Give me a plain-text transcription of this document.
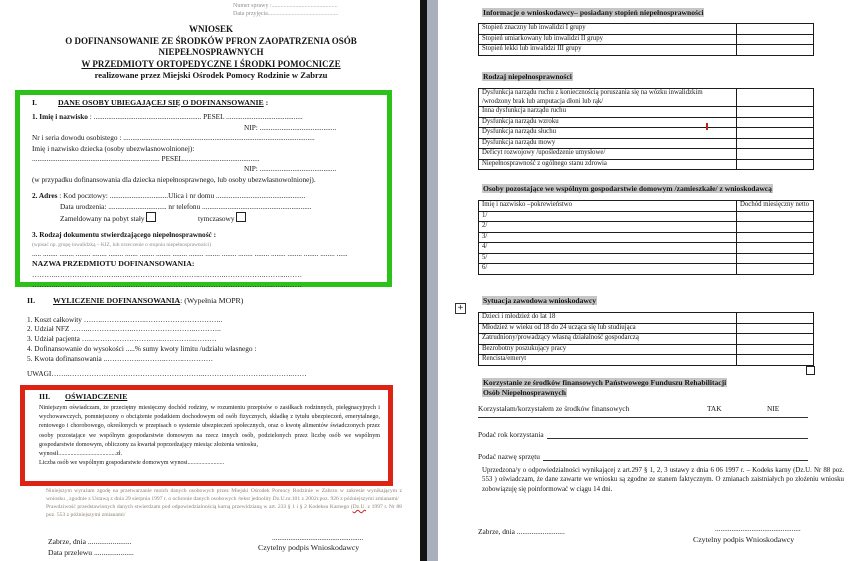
Numer sprawy :............................................
Data przyjęcia...............................................
WNIOSEK
O DOFINANSOWANIE ZE ŚRODKÓW PFRON ZAOPATRZENIA OSÓB
NIEPEŁNOSPRAWNYCH
W PRZEDMIOTY ORTOPEDYCZNE I ŚRODKI POMOCNICZE
realizowane przez Miejski Ośrodek Pomocy Rodzinie w Zabrzu
I.	DANE OSOBY UBIEGAJĄCEJ SIĘ O DOFINANSOWANIE :
1. Imię i nazwisko : ........................................................... PESEL ..........................................
NIP: ..........................................
Nr i seria dowodu osobistego : .........................................................................................................
Imię i nazwisko dziecka (osoby ubezwłasnowolnionej):
...................................................................... PESEL..........................................
NIP: ..........................................
(w przypadku dofinansowania dla dziecka niepełnosprawnego, lub osoby ubezwłasnowolnionej).
2. Adres : Kod pocztowy: ................................Ulica i nr domu .................................................
Data urodzenia: ................................ nr telefonu ............................................................
Zameldowany na pobyt stały	tymczasowy
3. Rodzaj dokumentu stwierdzającego niepełnosprawność :
(wpisać np. grupę inwalidzką – KIZ, lub orzeczenie o stopniu niepełnosprawności)
..... ........ ........ ........ ........ ........ ....... ........ ........ ........ ........ ........ ........ ........ ........ ........ ........ ........ ........ ......
NAZWA PRZEDMIOTU DOFINANSOWANIA:
………..……………………..…..………………………..………..……………..……....……
………..……………………..…..……………..…………..………………………..…....……
II. WYLICZENIE DOFINANSOWANIA: (Wypełnia MOPR)
1. Koszt całkowity ……..………..……..…………………………..
2. Udział NFZ ……..………..……..……………………..………..
3. Udział pacjenta …..………………………..…………..………
4. Dofinansowanie do wysokości .....% sumy kwoty limitu /udziału własnego :
5. Kwota dofinansowania ..…………..………..……..…………
UWAGI……..………………………………………………..……………………..………..……
III. OŚWIADCZENIE
Niniejszym oświadczam, że przeciętny miesięczny dochód rodziny, w rozumieniu przepisów o zasiłkach rodzinnych, pielęgnacyjnych i wychowawczych, pomniejszony o obciążenie podatkiem dochodowym od osób fizycznych, składkę z tytułu ubezpieczeń, emerytalnego, rentowego i chorobowego, określonych w przepisach o systemie ubezpieczeń społecznych, oraz o kwotę alimentów świadczonych przez osoby pozostające we wspólnym gospodarstwie domowym na rzecz innych osób, podzielonych przez liczbę osób we wspólnym gospodarstwie domowym, obliczony za kwartał poprzedzający miesiąc złożenia wniosku,
wynosił......................................zł.
Liczba osób we wspólnym gospodarstwie domowym wynosi........................
Niniejszym wyrażam zgodę na przetwarzanie moich danych osobowych przez Miejski Ośrodek Pomocy Rodzinie w Zabrzu w zakresie wynikającym z wniosku , zgodnie z Ustawą z dnia 29 sierpnia 1997 r. o ochronie danych osobowych /tekst jednolity Dz.U.nr.101 z 2002r.poz. 926 z późniejszymi zmianami/
Prawdziwość przedstawionych danych stwierdzam pod odpowiedzialnością karną przewidzianą w art. 233 § 1 i § 2 Kodeksu Karnego (Dz.U. z 1997 r. Nr 88 poz. 553 z późniejszymi zmianami/
Zabrze, dnia .......................
Data przelewu .....................
..................................................
Czytelny podpis Wnioskodawcy
Informacje o wnioskodawcy– posiadany stopień niepełnosprawności
Stopień znaczny lub inwalidzi I grupy	
Stopień umiarkowany lub inwalidzi II grupy	
Stopień lekki lub inwalidzi III grupy	
Rodzaj niepełnosprawności
Dysfunkcja narządu ruchu z koniecznością poruszania się na wózku inwalidzkim /wrodzony brak lub amputacja dłoni lub rąk/	
Inna dysfunkcja narządu ruchu	
Dysfunkcja narządu wzroku	
Dysfunkcja narządu słuchu	
Dysfunkcja narządu mowy	
Deficyt rozwojowy /upośledzenie umysłowe/	
Niepełnosprawność z ogólnego stanu zdrowia	
Osoby pozostające we wspólnym gospodarstwie domowym /zamieszkałe/ z wnioskodawcą
Imię i nazwisko –pokrewieństwo	Dochód miesięczny netto
1/	
2/	
3/	
4/	
5/	
6/	
+
Sytuacja zawodowa wnioskodawcy
Dzieci i młodzież do lat 18	
Młodzież w wieku od 18 do 24 ucząca się lub studiująca	
Zatrudniony/prowadzący własną działalność gospodarczą	
Bezrobotny poszukujący pracy	
Rencista/emeryt	
Korzystanie ze środków finansowych Państwowego Funduszu Rehabilitacji
Osób Niepełnosprawnych
Korzystałam/korzystałem ze środków finansowych	TAK	NIE
Podać rok korzystania
Podać nazwę sprzętu
Uprzedzona/y o odpowiedzialności wynikającej z art.297 § 1, 2, 3 ustawy z dnia 6 06 1997 r. – Kodeks karny (Dz.U. Nr 88 poz. 553 ) oświadczam, że dane zawarte we wniosku są zgodne ze stanem faktycznym. O zmianach zaistniałych po złożeniu wniosku zobowiązuję się poinformować w ciągu 14 dni.
Zabrze, dnia ..........................	...............................................
Czytelny podpis Wnioskodawcy
